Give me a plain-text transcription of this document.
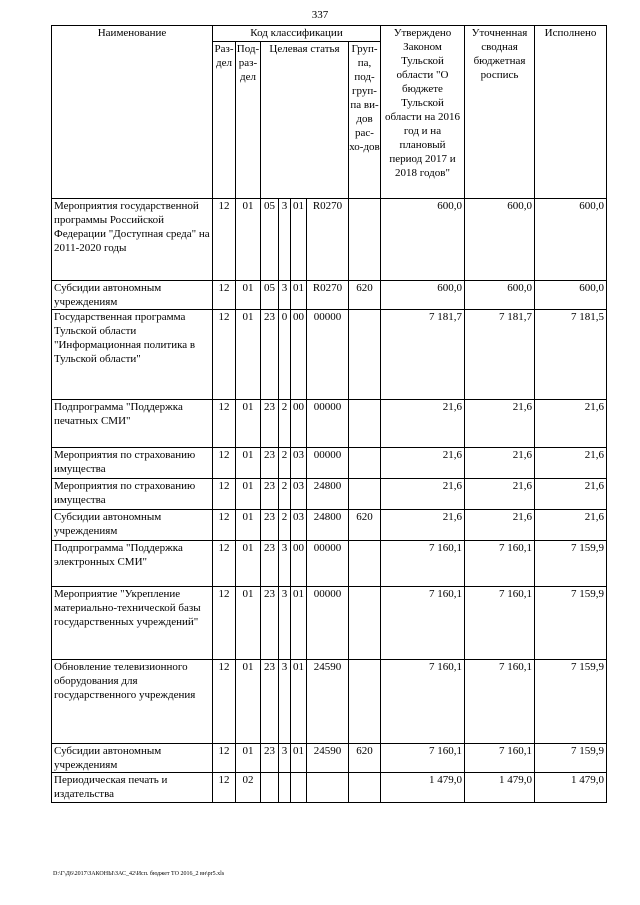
337
Наименование	Код классификации							Утверждено Законом Тульской области "О бюджете Тульской области на 2016 год и на плановый период 2017 и 2018 годов"	Уточненная сводная бюджетная роспись	Исполнено
	Раз-дел	Под-раз-дел	Целевая статья				Груп-па, под-груп-па ви-дов рас-хо-дов			
Мероприятия государственной программы Российской Федерации "Доступная среда" на 2011-2020 годы	12	01	05	3	01	R0270		600,0	600,0	600,0
Субсидии автономным учреждениям	12	01	05	3	01	R0270	620	600,0	600,0	600,0
Государственная программа Тульской области "Информационная политика в Тульской области"	12	01	23	0	00	00000		7 181,7	7 181,7	7 181,5
Подпрограмма "Поддержка печатных СМИ"	12	01	23	2	00	00000		21,6	21,6	21,6
Мероприятия по страхованию имущества	12	01	23	2	03	00000		21,6	21,6	21,6
Мероприятия по страхованию имущества	12	01	23	2	03	24800		21,6	21,6	21,6
Субсидии автономным учреждениям	12	01	23	2	03	24800	620	21,6	21,6	21,6
Подпрограмма "Поддержка электронных СМИ"	12	01	23	3	00	00000		7 160,1	7 160,1	7 159,9
Мероприятие "Укрепление материально-технической базы государственных учреждений"	12	01	23	3	01	00000		7 160,1	7 160,1	7 159,9
Обновление телевизионного оборудования для государственного учреждения	12	01	23	3	01	24590		7 160,1	7 160,1	7 159,9
Субсидии автономным учреждениям	12	01	23	3	01	24590	620	7 160,1	7 160,1	7 159,9
Периодическая печать и издательства	12	02						1 479,0	1 479,0	1 479,0
D:\Г\Д6\2017\ЗАКОНЫ\ЗАС_42\Исп. бюджет ТО 2016_2 вн\pr5.xls
